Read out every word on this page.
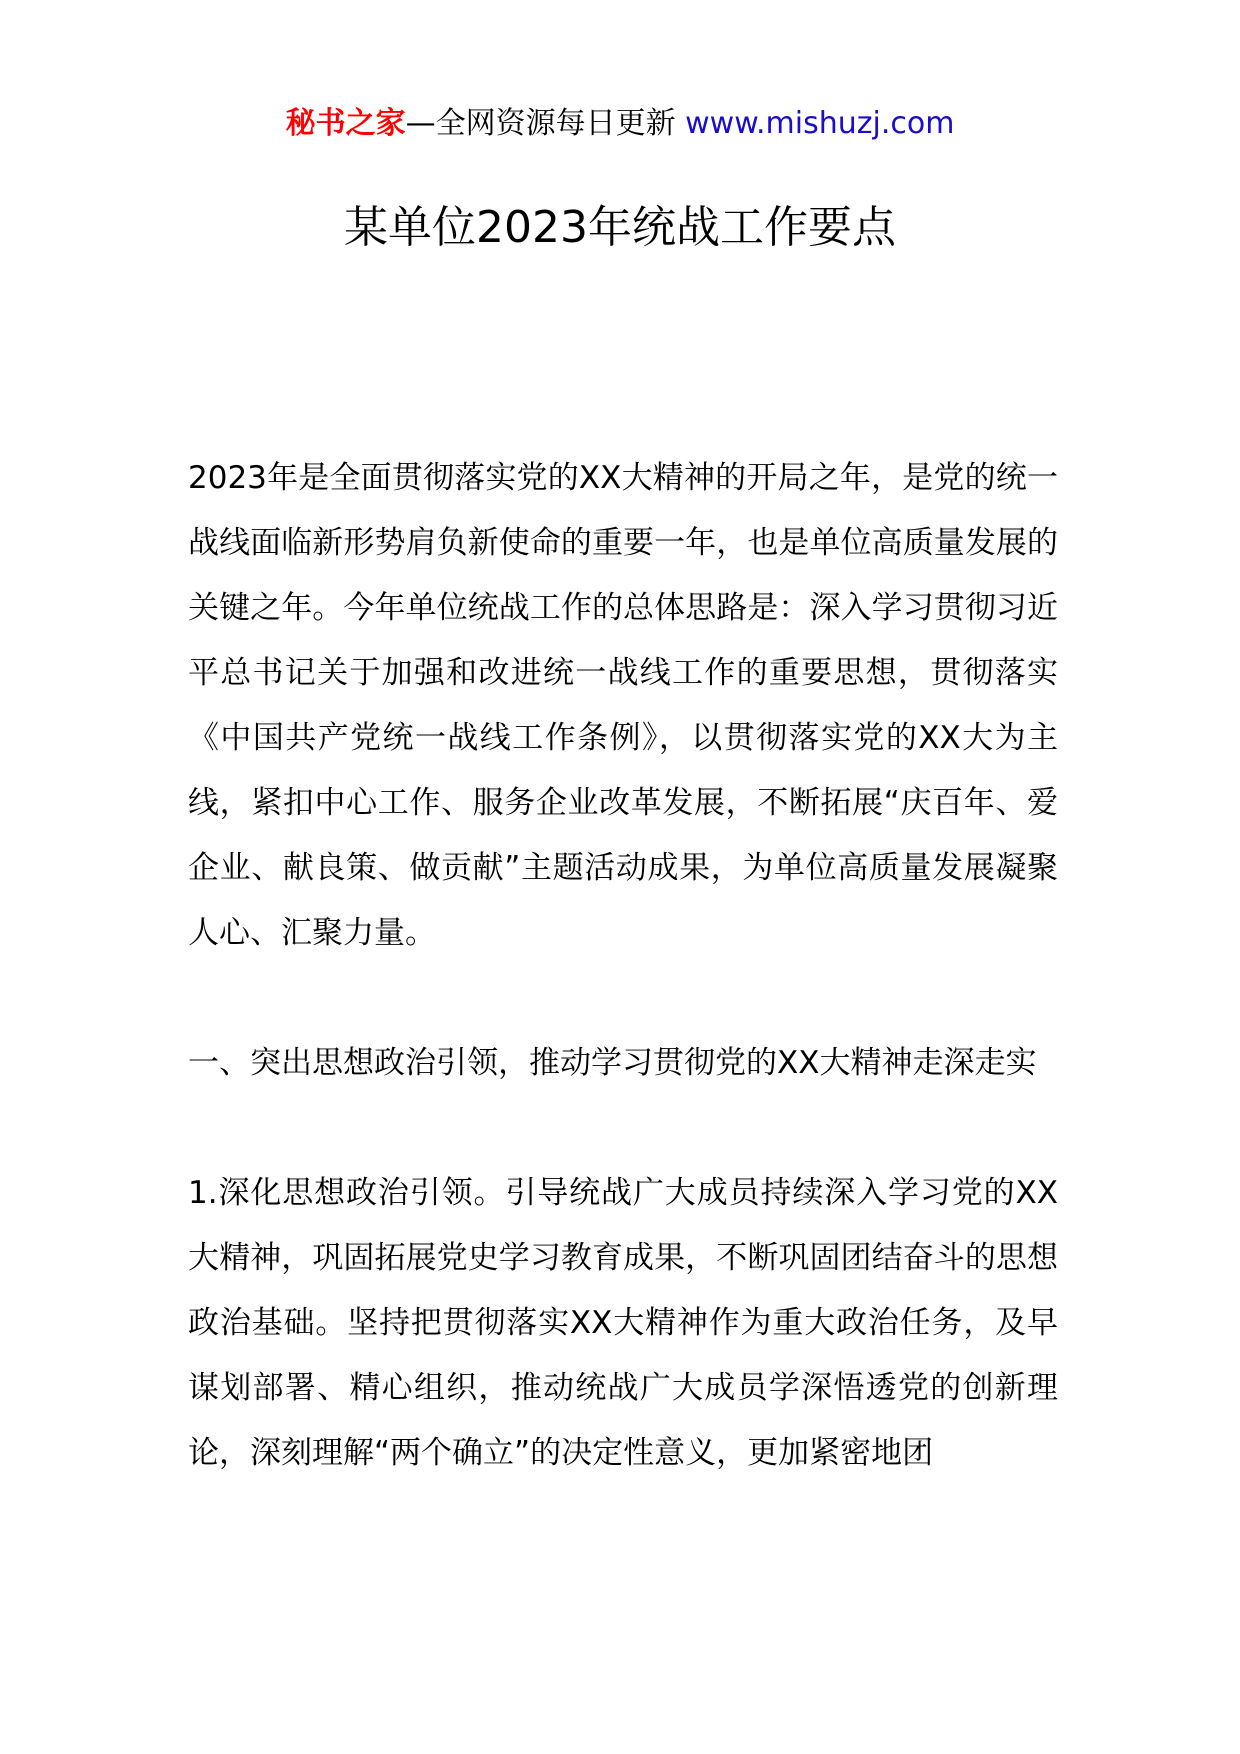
秘书之家—全网资源每日更新 www.mishuzj.com
某单位2023年统战工作要点

2023年是全面贯彻落实党的XX大精神的开局之年，是党的统一战线面临新形势肩负新使命的重要一年，也是单位高质量发展的关键之年。今年单位统战工作的总体思路是：深入学习贯彻习近平总书记关于加强和改进统一战线工作的重要思想，贯彻落实《中国共产党统一战线工作条例》，以贯彻落实党的XX大为主线，紧扣中心工作、服务企业改革发展，不断拓展“庆百年、爱企业、献良策、做贡献”主题活动成果，为单位高质量发展凝聚人心、汇聚力量。

一、突出思想政治引领，推动学习贯彻党的XX大精神走深走实

1.深化思想政治引领。引导统战广大成员持续深入学习党的XX大精神，巩固拓展党史学习教育成果，不断巩固团结奋斗的思想政治基础。坚持把贯彻落实XX大精神作为重大政治任务，及早谋划部署、精心组织，推动统战广大成员学深悟透党的创新理论，深刻理解“两个确立”的决定性意义，更加紧密地团
